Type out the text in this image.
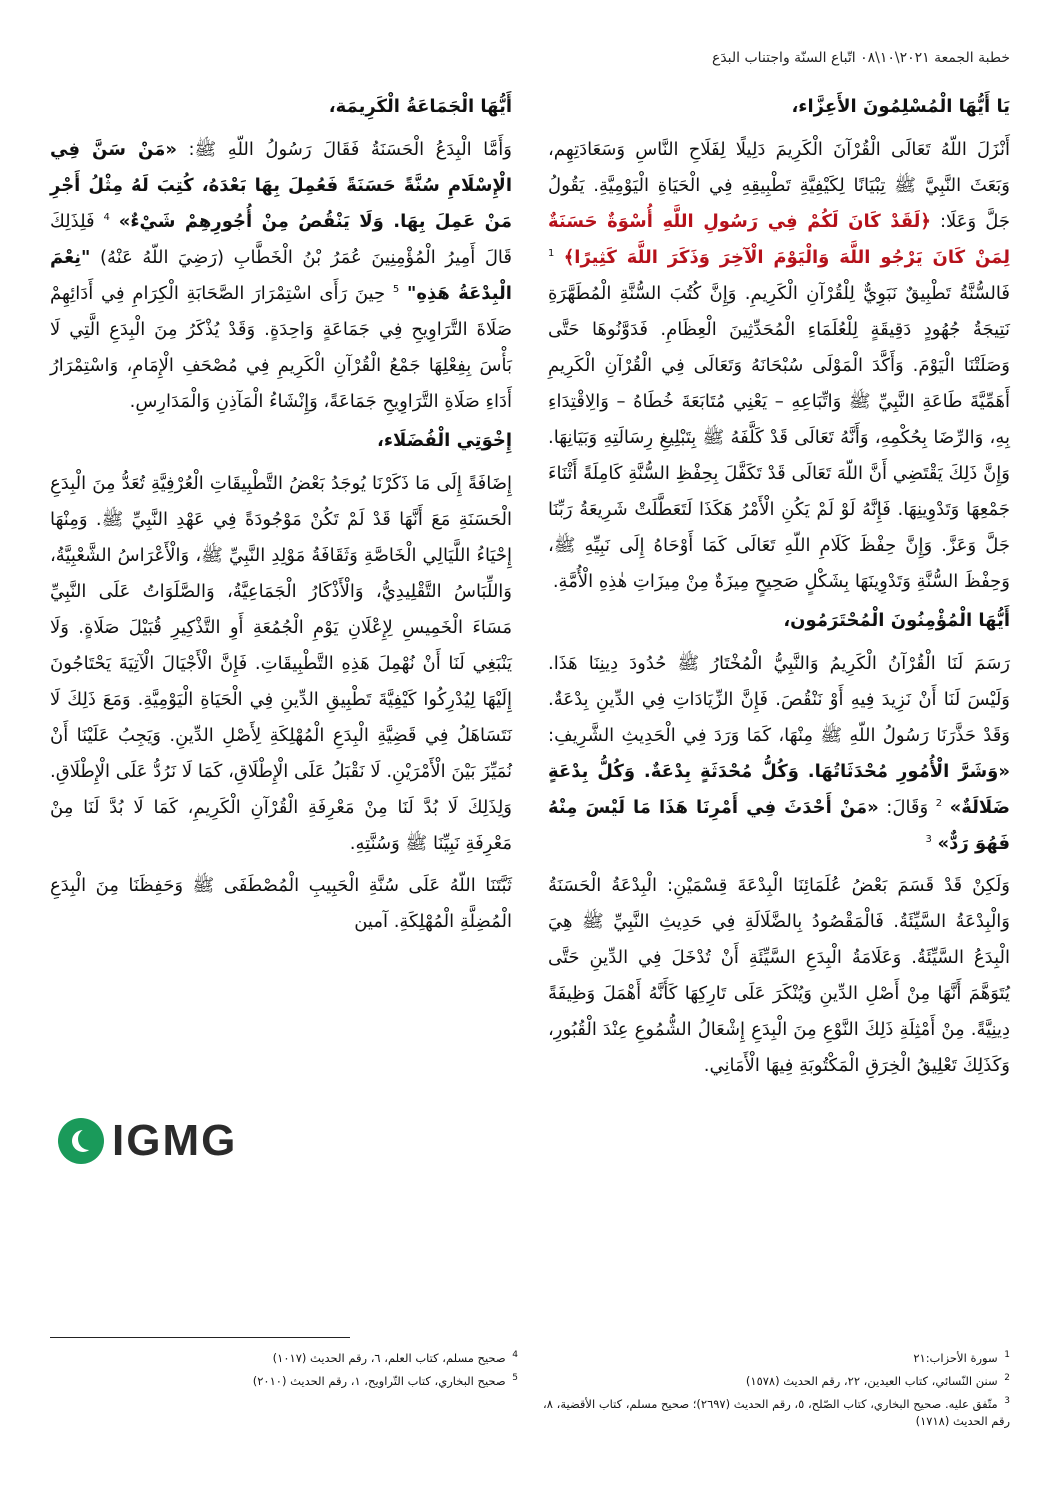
خطبة الجمعة ٢٠٢١\١٠\٠٨ اتّباع السنّة واجتناب البدَع
يَا أَيُّهَا الْمُسْلِمُونَ الأَعِزَّاء،

أَنْزَلَ اللّهُ تَعَالَى الْقُرْآنَ الْكَرِيمَ دَلِيلًا لِفَلَاحِ النَّاسِ وَسَعَادَتِهِم، وَبَعَثَ النَّبِيَّ ﷺ تِبْيَانًا لِكَيْفِيَّةِ تَطْبِيقِهِ فِي الْحَيَاةِ الْيَوْمِيَّةِ. يَقُولُ جَلَّ وَعَلَا: ﴿لَقَدْ كَانَ لَكُمْ فِي رَسُولِ اللَّهِ أُسْوَةٌ حَسَنَةٌ لِمَنْ كَانَ يَرْجُو اللَّهَ وَالْيَوْمَ الْآخِرَ وَذَكَرَ اللَّهَ كَثِيرًا﴾ $^1$ فَالسُّنَّةُ تَطْبِيقٌ نَبَوِيٌّ لِلْقُرْآنِ الْكَرِيمِ. وَإِنَّ كُتُبَ السُّنَّةِ الْمُطَهَّرَةِ نَتِيجَةُ جُهُودٍ دَقِيقَةٍ لِلْعُلَمَاءِ الْمُحَدِّثِينَ الْعِظَامِ. فَدَوَّنُوهَا حَتَّى وَصَلَتْنَا الْيَوْمَ. وَأَكَّدَ الْمَوْلَى سُبْحَانَهُ وَتَعَالَى فِي الْقُرْآنِ الْكَرِيمِ أَهَمِّيَّةَ طَاعَةِ النَّبِيِّ ﷺ وَاتِّبَاعِهِ – يَعْنِي مُتَابَعَةَ خُطَاهُ – وَالِاقْتِدَاءِ بِهِ، وَالرِّضَا بِحُكْمِهِ، وَأَنَّهُ تَعَالَى قَدْ كَلَّفَهُ ﷺ بِتَبْلِيغِ رِسَالَتِهِ وَبَيَانِهَا. وَإِنَّ ذَلِكَ يَقْتَضِي أَنَّ اللّهَ تَعَالَى قَدْ تَكَفَّلَ بِحِفْظِ السُّنَّةِ كَامِلَةً أَثْنَاءَ جَمْعِهَا وَتَدْوِينِهَا. فَإِنَّهُ لَوْ لَمْ يَكُنِ الْأَمْرُ هَكَذَا لَتَعَطَّلَتْ شَرِيعَةُ رَبِّنَا جَلَّ وَعَزَّ. وَإِنَّ حِفْظَ كَلَامِ اللّهِ تَعَالَى كَمَا أَوْحَاهُ إِلَى نَبِيِّهِ ﷺ، وَحِفْظَ السُّنَّةِ وَتَدْوِينَهَا بِشَكْلٍ صَحِيحٍ مِيزَةٌ مِنْ مِيزَاتِ هٰذِهِ الْأُمَّةِ.

أَيُّهَا الْمُؤْمِنُونَ الْمُحْتَرَمُون،

رَسَمَ لَنَا الْقُرْآنُ الْكَرِيمُ وَالنَّبِيُّ الْمُخْتَارُ ﷺ حُدُودَ دِينِنَا هَذَا. وَلَيْسَ لَنَا أَنْ نَزِيدَ فِيهِ أَوْ نَنْقُصَ. فَإِنَّ الزِّيَادَاتِ فِي الدِّينِ بِدْعَةٌ. وَقَدْ حَذَّرَنَا رَسُولُ اللّهِ ﷺ مِنْهَا، كَمَا وَرَدَ فِي الْحَدِيثِ الشَّرِيفِ: «وَشَرَّ الْأُمُورِ مُحْدَثَاتُهَا. وَكُلُّ مُحْدَثَةٍ بِدْعَةٌ. وَكُلُّ بِدْعَةٍ ضَلَالَةٌ» $^2$ وَقَالَ: «مَنْ أَحْدَثَ فِي أَمْرِنَا هَذَا مَا لَيْسَ مِنْهُ فَهُوَ رَدٌّ» $^3$

وَلَكِنْ قَدْ قَسَمَ بَعْضُ عُلَمَائِنَا الْبِدْعَةَ قِسْمَيْنِ: الْبِدْعَةُ الْحَسَنَةُ وَالْبِدْعَةُ السَّيِّئَةُ. فَالْمَقْصُودُ بِالضَّلَالَةِ فِي حَدِيثِ النَّبِيِّ ﷺ هِيَ الْبِدَعُ السَّيِّئَةُ. وَعَلَامَةُ الْبِدَعِ السَّيِّئَةِ أَنْ تُدْخَلَ فِي الدِّينِ حَتَّى يُتَوَهَّمَ أَنَّهَا مِنْ أَصْلِ الدِّينِ وَيُنْكَرَ عَلَى تَارِكِهَا كَأَنَّهُ أَهْمَلَ وَظِيفَةً دِينِيَّةً. مِنْ أَمْثِلَةِ ذَلِكَ النَّوْعِ مِنَ الْبِدَعِ إِشْعَالُ الشُّمُوعِ عِنْدَ الْقُبُورِ، وَكَذَلِكَ تَعْلِيقُ الْخِرَقِ الْمَكْتُوبَةِ فِيهَا الْأَمَانِي.

أَيُّهَا الْجَمَاعَةُ الْكَرِيمَة،

وَأَمَّا الْبِدَعُ الْحَسَنَةُ فَقَالَ رَسُولُ اللّهِ ﷺ: «مَنْ سَنَّ فِي الْإِسْلَامِ سُنَّةً حَسَنَةً فَعُمِلَ بِهَا بَعْدَهُ، كُتِبَ لَهُ مِثْلُ أَجْرِ مَنْ عَمِلَ بِهَا. وَلَا يَنْقُصُ مِنْ أُجُورِهِمْ شَيْءٌ» $^4$ فَلِذَلِكَ قَالَ أَمِيرُ الْمُؤْمِنِينَ عُمَرُ بْنُ الْخَطَّابِ (رَضِيَ اللّهُ عَنْهُ) "نِعْمَ الْبِدْعَةُ هَذِهِ" $^5$ حِينَ رَأَى اسْتِمْرَارَ الصَّحَابَةِ الْكِرَامِ فِي أَدَائِهِمْ صَلَاةَ التَّرَاوِيحِ فِي جَمَاعَةٍ وَاحِدَةٍ. وَقَدْ يُذْكَرُ مِنَ الْبِدَعِ الَّتِي لَا بَأْسَ بِفِعْلِهَا جَمْعُ الْقُرْآنِ الْكَرِيمِ فِي مُصْحَفِ الْإِمَامِ، وَاسْتِمْرَارُ أَدَاءِ صَلَاةِ التَّرَاوِيحِ جَمَاعَةً، وَإِنْشَاءُ الْمَآذِنِ وَالْمَدَارِسِ.

إِخْوَتِي الْفُضَلَاء،

إِضَافَةً إِلَى مَا ذَكَرْنَا يُوجَدُ بَعْضُ التَّطْبِيقَاتِ الْعُرْفِيَّةِ تُعَدُّ مِنَ الْبِدَعِ الْحَسَنَةِ مَعَ أَنَّهَا قَدْ لَمْ تَكُنْ مَوْجُودَةً فِي عَهْدِ النَّبِيِّ ﷺ. وَمِنْهَا إِحْيَاءُ اللَّيَالِي الْخَاصَّةِ وَثَقَافَةُ مَوْلِدِ النَّبِيِّ ﷺ، وَالْأَعْرَاسُ الشَّعْبِيَّةُ، وَاللِّبَاسُ التَّقْلِيدِيُّ، وَالْأَذْكَارُ الْجَمَاعِيَّةُ، وَالصَّلَوَاتُ عَلَى النَّبِيِّ مَسَاءَ الْخَمِيسِ لِإِعْلَانِ يَوْمِ الْجُمُعَةِ أَوِ التَّذْكِيرِ قُبَيْلَ صَلَاةٍ. وَلَا يَنْبَغِي لَنَا أَنْ نُهْمِلَ هَذِهِ التَّطْبِيقَاتِ. فَإِنَّ الْأَجْيَالَ الْآتِيَةَ يَحْتَاجُونَ إِلَيْهَا لِيُدْرِكُوا كَيْفِيَّةَ تَطْبِيقِ الدِّينِ فِي الْحَيَاةِ الْيَوْمِيَّةِ. وَمَعَ ذَلِكَ لَا نَتَسَاهَلُ فِي قَضِيَّةِ الْبِدَعِ الْمُهْلِكَةِ لِأَصْلِ الدِّينِ. وَيَجِبُ عَلَيْنَا أَنْ نُمَيِّزَ بَيْنَ الْأَمْرَيْنِ. لَا نَقْبَلُ عَلَى الْإِطْلَاقِ، كَمَا لَا نَرُدُّ عَلَى الْإِطْلَاقِ. وَلِذَلِكَ لَا بُدَّ لَنَا مِنْ مَعْرِفَةِ الْقُرْآنِ الْكَرِيمِ، كَمَا لَا بُدَّ لَنَا مِنْ مَعْرِفَةِ نَبِيِّنَا ﷺ وَسُنَّتِهِ.

ثَبَّتَنَا اللّهُ عَلَى سُنَّةِ الْحَبِيبِ الْمُصْطَفَى ﷺ وَحَفِظَنَا مِنَ الْبِدَعِ الْمُضِلَّةِ الْمُهْلِكَةِ. آمين

IGMG
$^1$ سورة الأحزاب:٢١
$^2$ سنن النّسائي، كتاب العيدين، ٢٢، رقم الحديث (١٥٧٨)
$^3$ متّفق عليه. صحيح البخاري، كتاب الصّلح، ٥، رقم الحديث (٢٦٩٧)؛ صحيح مسلم، كتاب الأقضية، ٨، رقم الحديث (١٧١٨)
$^4$ صحيح مسلم، كتاب العلم، ٦، رقم الحديث (١٠١٧)
$^5$ صحيح البخاري، كتاب التّراويح، ١، رقم الحديث (٢٠١٠)
